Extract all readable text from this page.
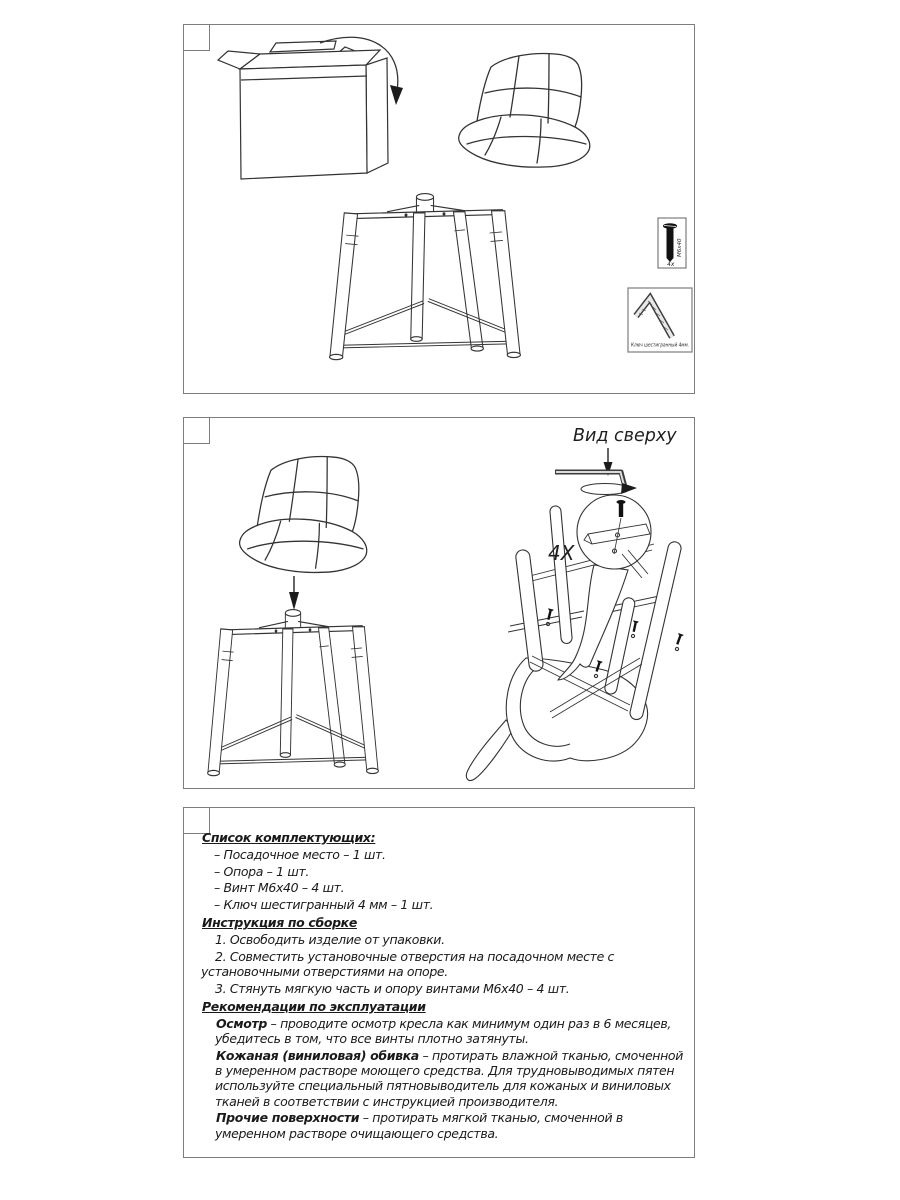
М6х40
4x
Ключ шестигранный 4мм.
Вид сверху
4X

Список комплектующих:

– Посадочное место – 1 шт.

– Опора – 1 шт.

– Винт М6х40 – 4 шт.

– Ключ шестигранный 4 мм – 1 шт.

Инструкция по сборке

1. Освободить изделие от упаковки.

2. Совместить установочные отверстия на посадочном месте с установочными отверстиями на опоре.

3. Стянуть мягкую часть и опору винтами М6х40 – 4 шт.

Рекомендации по эксплуатации

Осмотр – проводите осмотр кресла как минимум один раз в 6 месяцев, убедитесь в том, что все винты плотно затянуты.

Кожаная (виниловая) обивка – протирать влажной тканью, смоченной в умеренном растворе моющего средства. Для трудновыводимых пятен используйте специальный пятновыводитель для кожаных и виниловых тканей в соответствии с инструкцией производителя.

Прочие поверхности – протирать мягкой тканью, смоченной в умеренном растворе очищающего средства.
